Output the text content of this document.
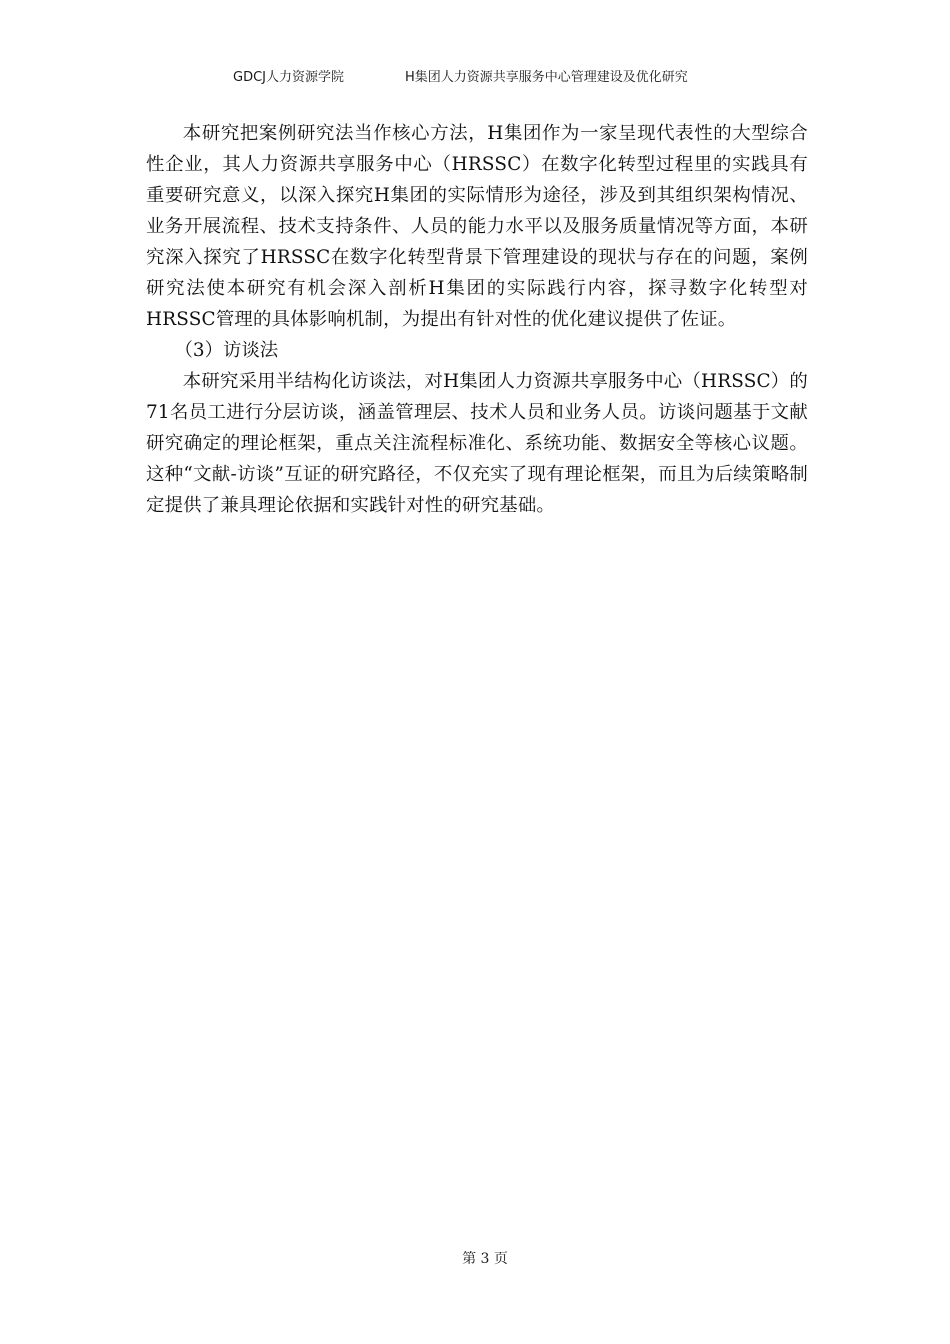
GDCJ人力资源学院	H集团人力资源共享服务中心管理建设及优化研究

本研究把案例研究法当作核心方法，H集团作为一家呈现代表性的大型综合性企业，其人力资源共享服务中心（HRSSC）在数字化转型过程里的实践具有重要研究意义，以深入探究H集团的实际情形为途径，涉及到其组织架构情况、业务开展流程、技术支持条件、人员的能力水平以及服务质量情况等方面，本研究深入探究了HRSSC在数字化转型背景下管理建设的现状与存在的问题，案例研究法使本研究有机会深入剖析H集团的实际践行内容，探寻数字化转型对HRSSC管理的具体影响机制，为提出有针对性的优化建议提供了佐证。

（3）访谈法

本研究采用半结构化访谈法，对H集团人力资源共享服务中心（HRSSC）的71名员工进行分层访谈，涵盖管理层、技术人员和业务人员。访谈问题基于文献研究确定的理论框架，重点关注流程标准化、系统功能、数据安全等核心议题。这种“文献-访谈”互证的研究路径，不仅充实了现有理论框架，而且为后续策略制定提供了兼具理论依据和实践针对性的研究基础。

第 3 页
